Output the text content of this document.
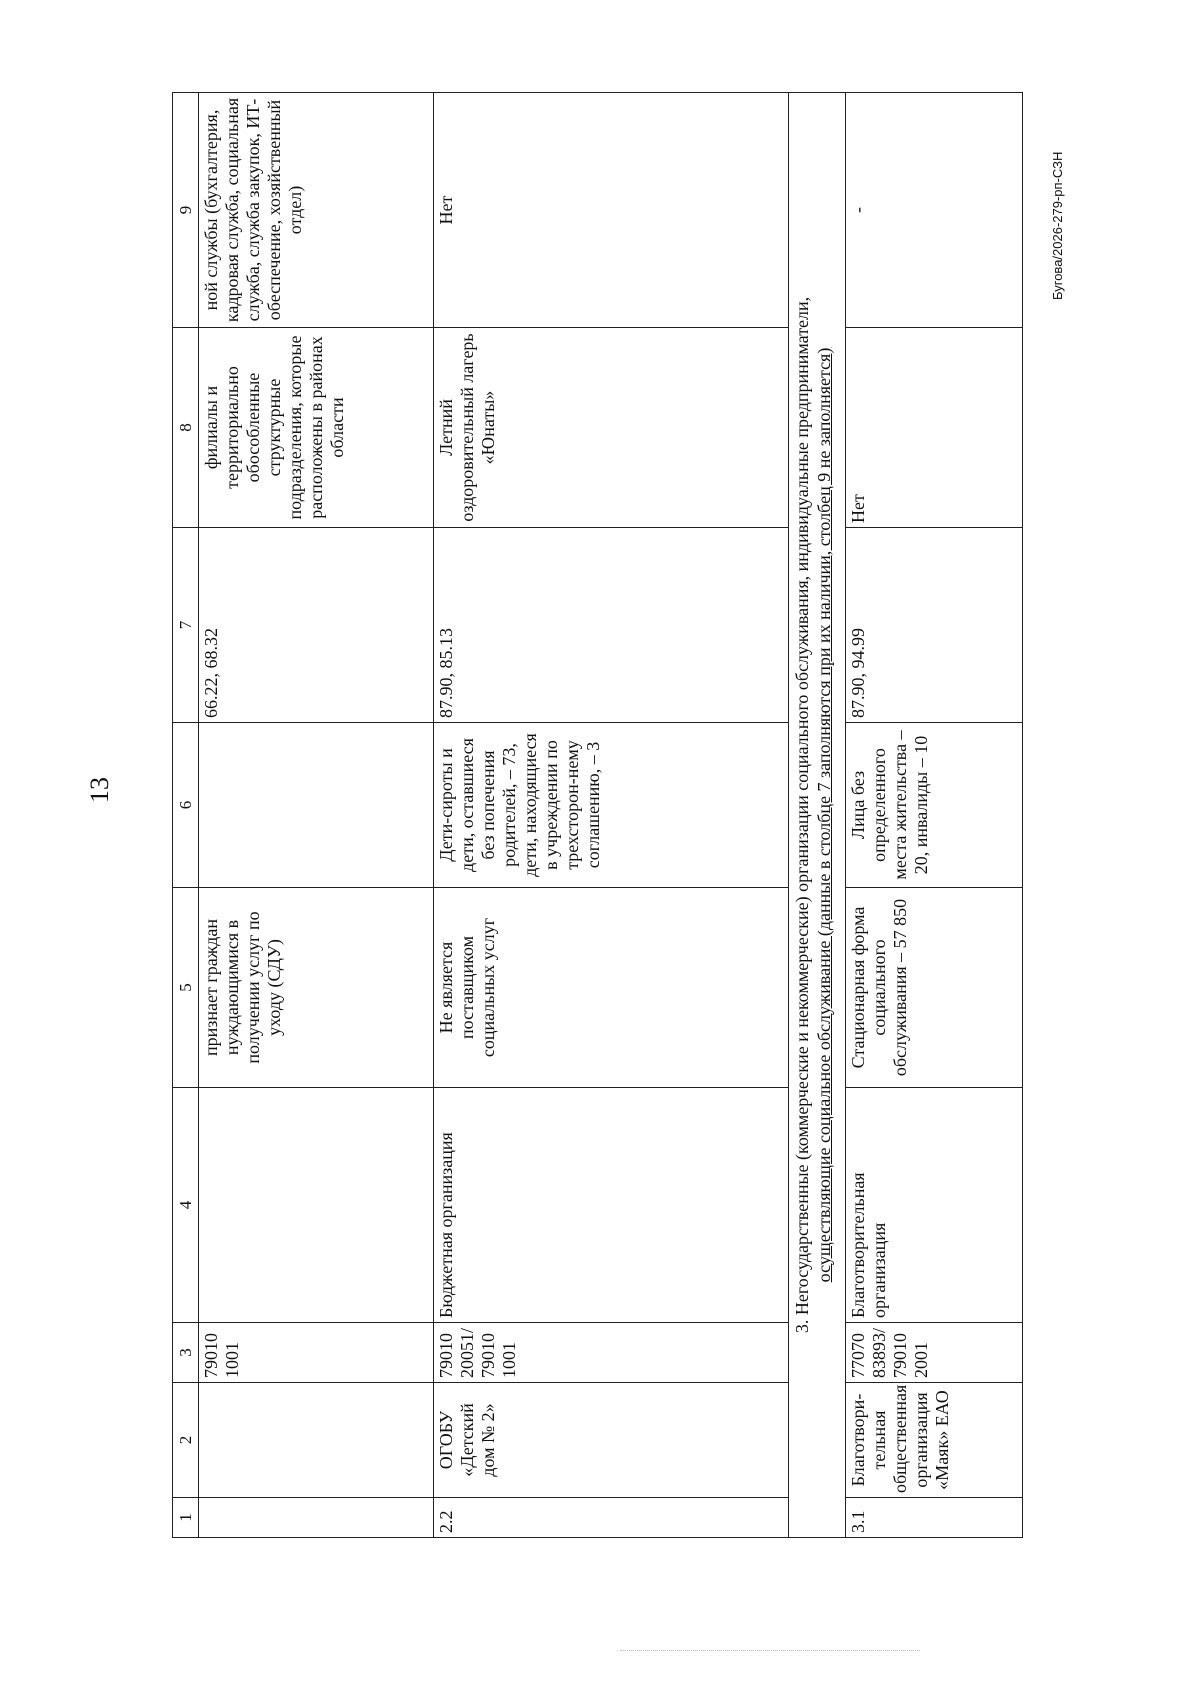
13
Бугова/2026-279-рп-СЗН
1	2	3	4	5	6	7	8	9
		79010 1001		признает граждан нуждающимися в получении услуг по уходу (СДУ)		66.22, 68.32	филиалы и территориально обособленные структурные подразделения, которые расположены в районах области	ной службы (бухгалтерия, кадровая служба, социальная служба, служба закупок, ИТ-обеспечение, хозяйственный отдел)
2.2	ОГОБУ «Детский дом № 2»	79010 20051/ 79010 1001	Бюджетная организация	Не является поставщиком социальных услуг	Дети-сироты и дети, оставшиеся без попечения родителей, – 73, дети, находящиеся в учреждении по трехсторон-нему соглашению, – 3	87.90, 85.13	Летний оздоровительный лагерь «Юнаты»	Нет
3. Негосударственные (коммерческие и некоммерческие) организации социального обслуживания, индивидуальные предприниматели, осуществляющие социальное обслуживание (данные в столбце 7 заполняются при их наличии, столбец 9 не заполняется)								
3.1	Благотвори-тельная общественная организация «Маяк» ЕАО	77070 83893/ 79010 2001	Благотворительная организация	Стационарная форма социального обслуживания – 57 850	Лица без определенного места жительства – 20, инвалиды – 10	87.90, 94.99	Нет	-
